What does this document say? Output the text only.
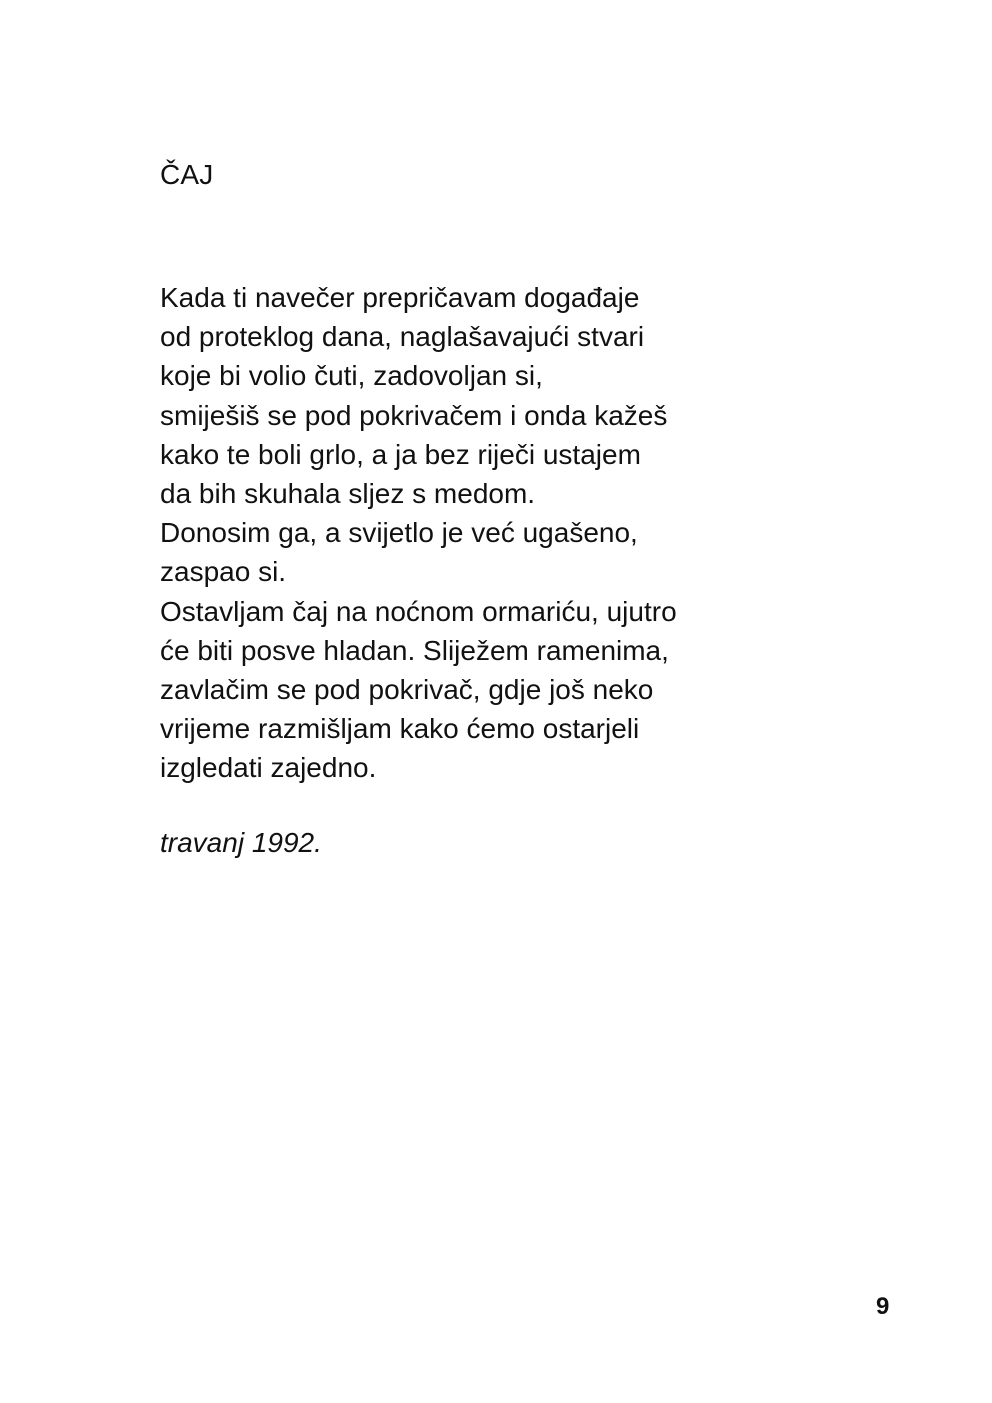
ČAJ
Kada ti navečer prepričavam događaje
od proteklog dana, naglašavajući stvari
koje bi volio čuti, zadovoljan si,
smiješiš se pod pokrivačem i onda kažeš
kako te boli grlo, a ja bez riječi ustajem
da bih skuhala sljez s medom.
Donosim ga, a svijetlo je već ugašeno,
zaspao si.
Ostavljam čaj na noćnom ormariću, ujutro
će biti posve hladan. Sliježem ramenima,
zavlačim se pod pokrivač, gdje još neko
vrijeme razmišljam kako ćemo ostarjeli
izgledati zajedno.
travanj 1992.
9
